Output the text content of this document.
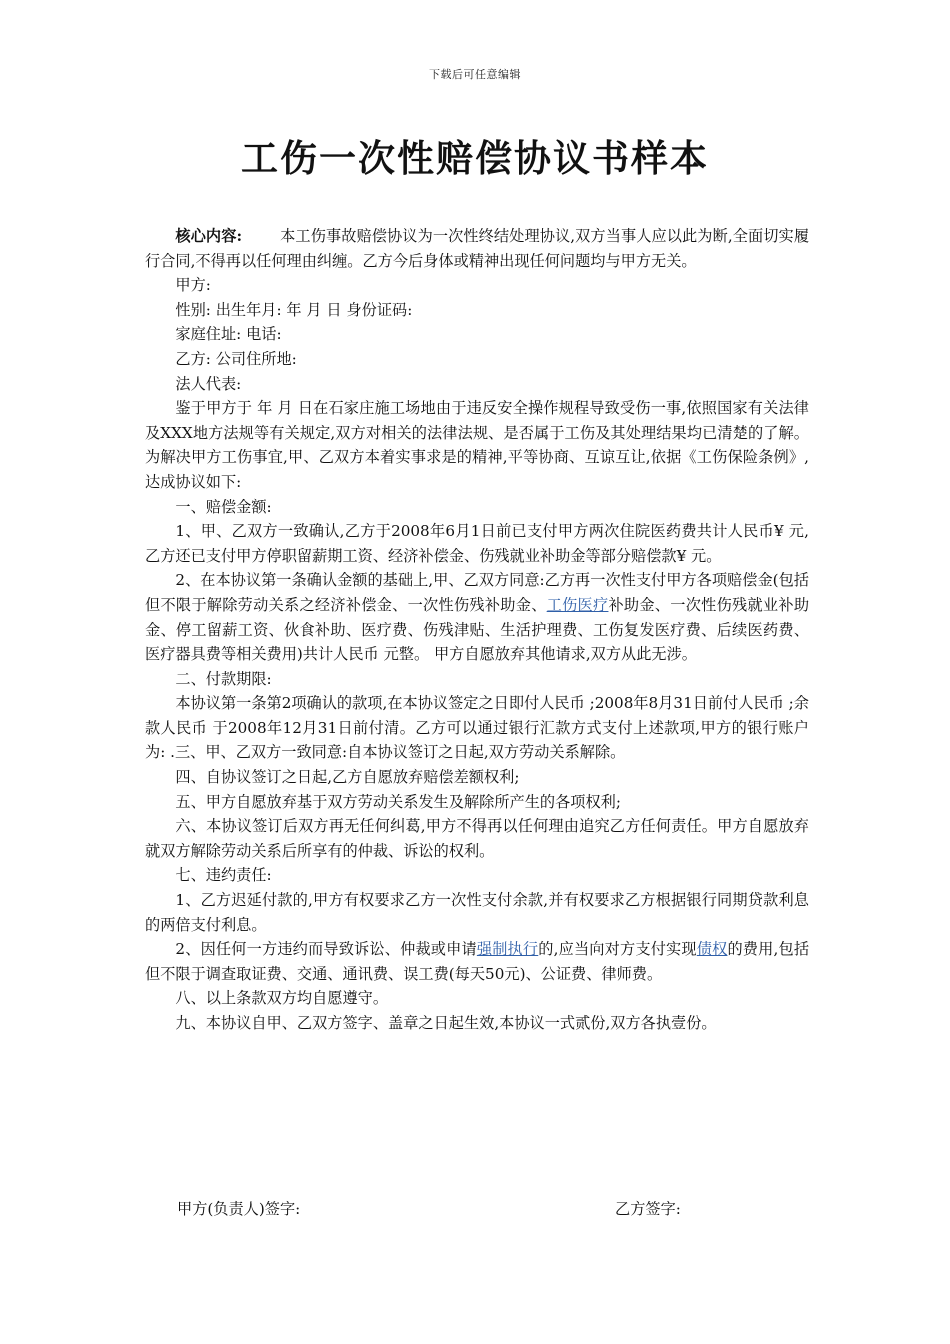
下载后可任意编辑
工伤一次性赔偿协议书样本

核心内容:	本工伤事故赔偿协议为一次性终结处理协议,双方当事人应以此为断,全面切实履行合同,不得再以任何理由纠缠。乙方今后身体或精神出现任何问题均与甲方无关。

甲方:

性别: 出生年月: 年 月 日 身份证码:

家庭住址: 电话:

乙方: 公司住所地:

法人代表:

鉴于甲方于 年 月 日在石家庄施工场地由于违反安全操作规程导致受伤一事,依照国家有关法律及XXX地方法规等有关规定,双方对相关的法律法规、是否属于工伤及其处理结果均已清楚的了解。为解决甲方工伤事宜,甲、乙双方本着实事求是的精神,平等协商、互谅互让,依据《工伤保险条例》,达成协议如下:

一、赔偿金额:

1、甲、乙双方一致确认,乙方于2008年6月1日前已支付甲方两次住院医药费共计人民币¥ 元,乙方还已支付甲方停职留薪期工资、经济补偿金、伤残就业补助金等部分赔偿款¥ 元。

2、在本协议第一条确认金额的基础上,甲、乙双方同意:乙方再一次性支付甲方各项赔偿金(包括但不限于解除劳动关系之经济补偿金、一次性伤残补助金、工伤医疗补助金、一次性伤残就业补助金、停工留薪工资、伙食补助、医疗费、伤残津贴、生活护理费、工伤复发医疗费、后续医药费、医疗器具费等相关费用)共计人民币 元整。 甲方自愿放弃其他请求,双方从此无涉。

二、付款期限:

本协议第一条第2项确认的款项,在本协议签定之日即付人民币 ;2008年8月31日前付人民币 ;余款人民币 于2008年12月31日前付清。乙方可以通过银行汇款方式支付上述款项,甲方的银行账户为: .三、甲、乙双方一致同意:自本协议签订之日起,双方劳动关系解除。

四、自协议签订之日起,乙方自愿放弃赔偿差额权利;

五、甲方自愿放弃基于双方劳动关系发生及解除所产生的各项权利;

六、本协议签订后双方再无任何纠葛,甲方不得再以任何理由追究乙方任何责任。甲方自愿放弃就双方解除劳动关系后所享有的仲裁、诉讼的权利。

七、违约责任:

1、乙方迟延付款的,甲方有权要求乙方一次性支付余款,并有权要求乙方根据银行同期贷款利息的两倍支付利息。

2、因任何一方违约而导致诉讼、仲裁或申请强制执行的,应当向对方支付实现债权的费用,包括但不限于调查取证费、交通、通讯费、误工费(每天50元)、公证费、律师费。

八、以上条款双方均自愿遵守。

九、本协议自甲、乙双方签字、盖章之日起生效,本协议一式贰份,双方各执壹份。

甲方(负责人)签字:	乙方签字:
